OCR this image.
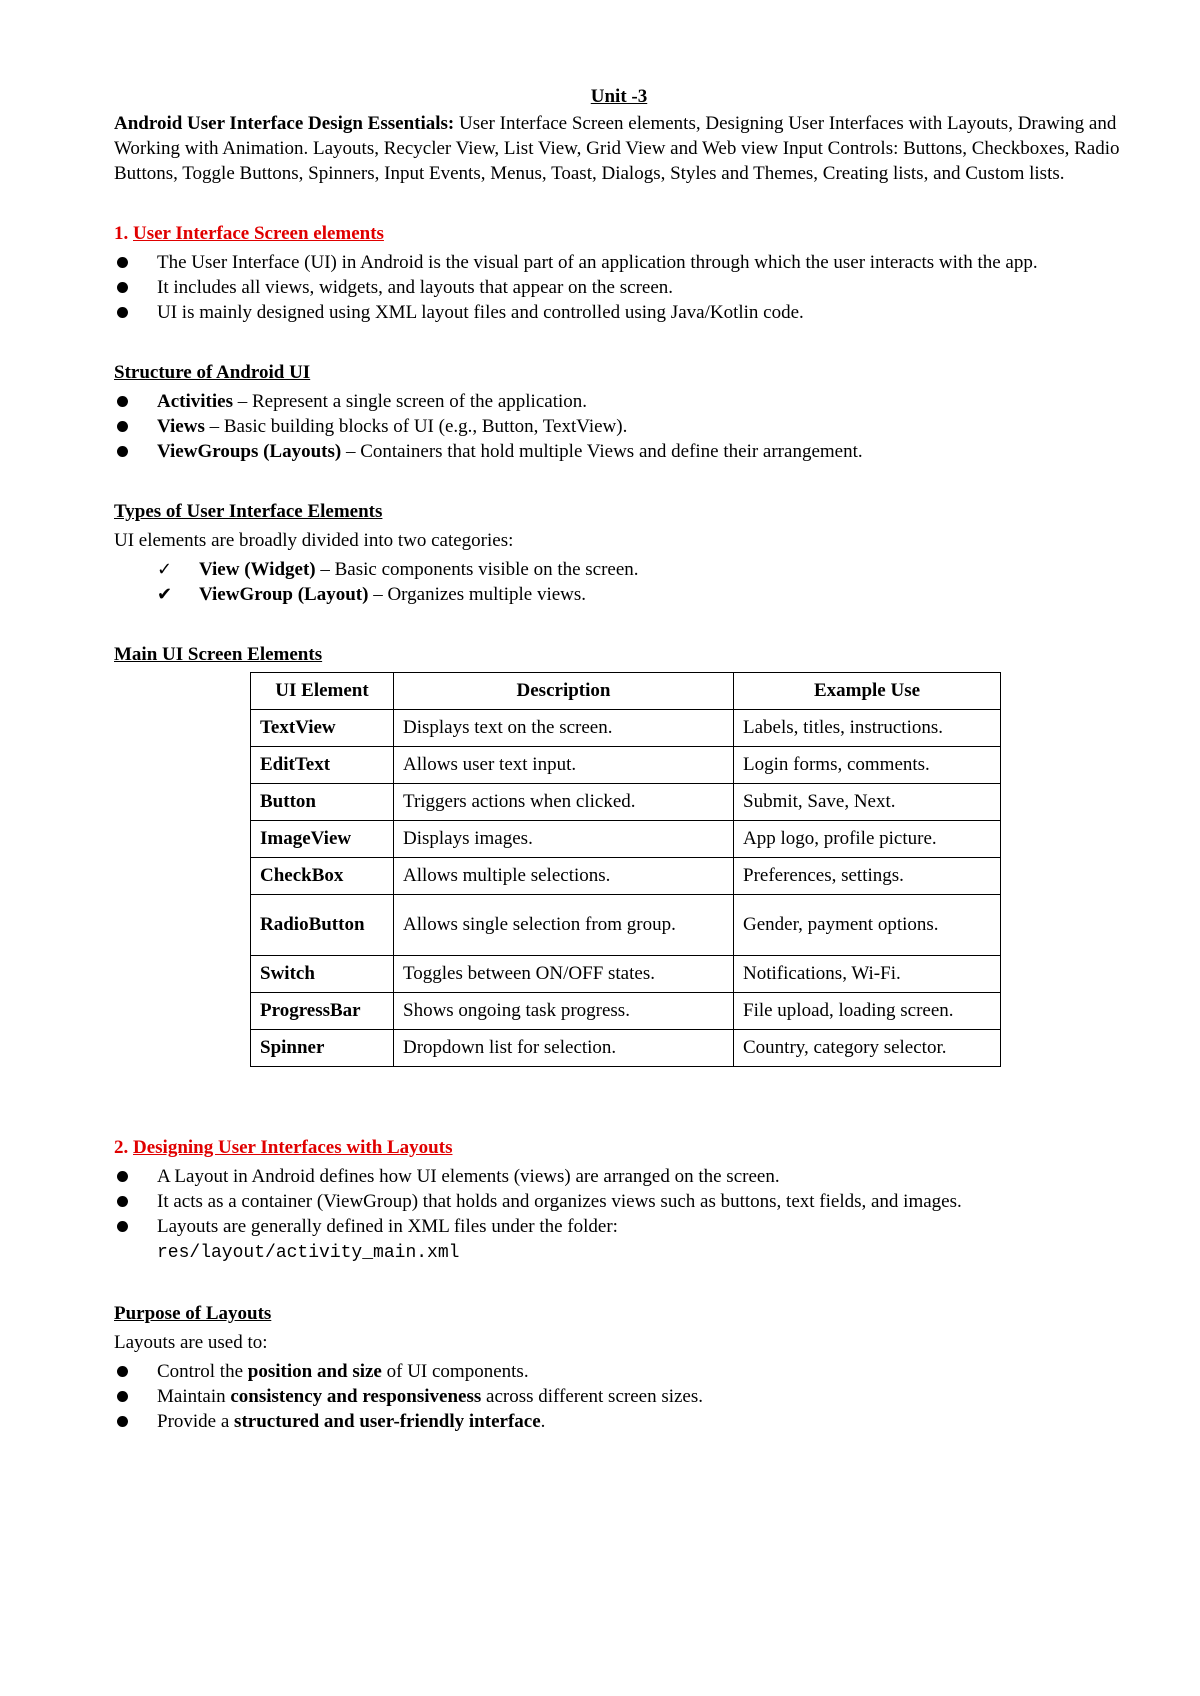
Unit -3

Android User Interface Design Essentials: User Interface Screen elements, Designing User Interfaces with Layouts, Drawing and Working with Animation. Layouts, Recycler View, List View, Grid View and Web view Input Controls: Buttons, Checkboxes, Radio Buttons, Toggle Buttons, Spinners, Input Events, Menus, Toast, Dialogs, Styles and Themes, Creating lists, and Custom lists.

1. User Interface Screen elements

The User Interface (UI) in Android is the visual part of an application through which the user interacts with the app.
It includes all views, widgets, and layouts that appear on the screen.
UI is mainly designed using XML layout files and controlled using Java/Kotlin code.

Structure of Android UI

Activities – Represent a single screen of the application.
Views – Basic building blocks of UI (e.g., Button, TextView).
ViewGroups (Layouts) – Containers that hold multiple Views and define their arrangement.

Types of User Interface Elements

UI elements are broadly divided into two categories:

✓ View (Widget) – Basic components visible on the screen.
✔ ViewGroup (Layout) – Organizes multiple views.

Main UI Screen Elements

UI Element	Description	Example Use
TextView	Displays text on the screen.	Labels, titles, instructions.
EditText	Allows user text input.	Login forms, comments.
Button	Triggers actions when clicked.	Submit, Save, Next.
ImageView	Displays images.	App logo, profile picture.
CheckBox	Allows multiple selections.	Preferences, settings.
RadioButton	Allows single selection from group.	Gender, payment options.
Switch	Toggles between ON/OFF states.	Notifications, Wi-Fi.
ProgressBar	Shows ongoing task progress.	File upload, loading screen.
Spinner	Dropdown list for selection.	Country, category selector.

2. Designing User Interfaces with Layouts

A Layout in Android defines how UI elements (views) are arranged on the screen.
It acts as a container (ViewGroup) that holds and organizes views such as buttons, text fields, and images.
Layouts are generally defined in XML files under the folder:
res/layout/activity_main.xml

Purpose of Layouts

Layouts are used to:

Control the position and size of UI components.
Maintain consistency and responsiveness across different screen sizes.
Provide a structured and user-friendly interface.
